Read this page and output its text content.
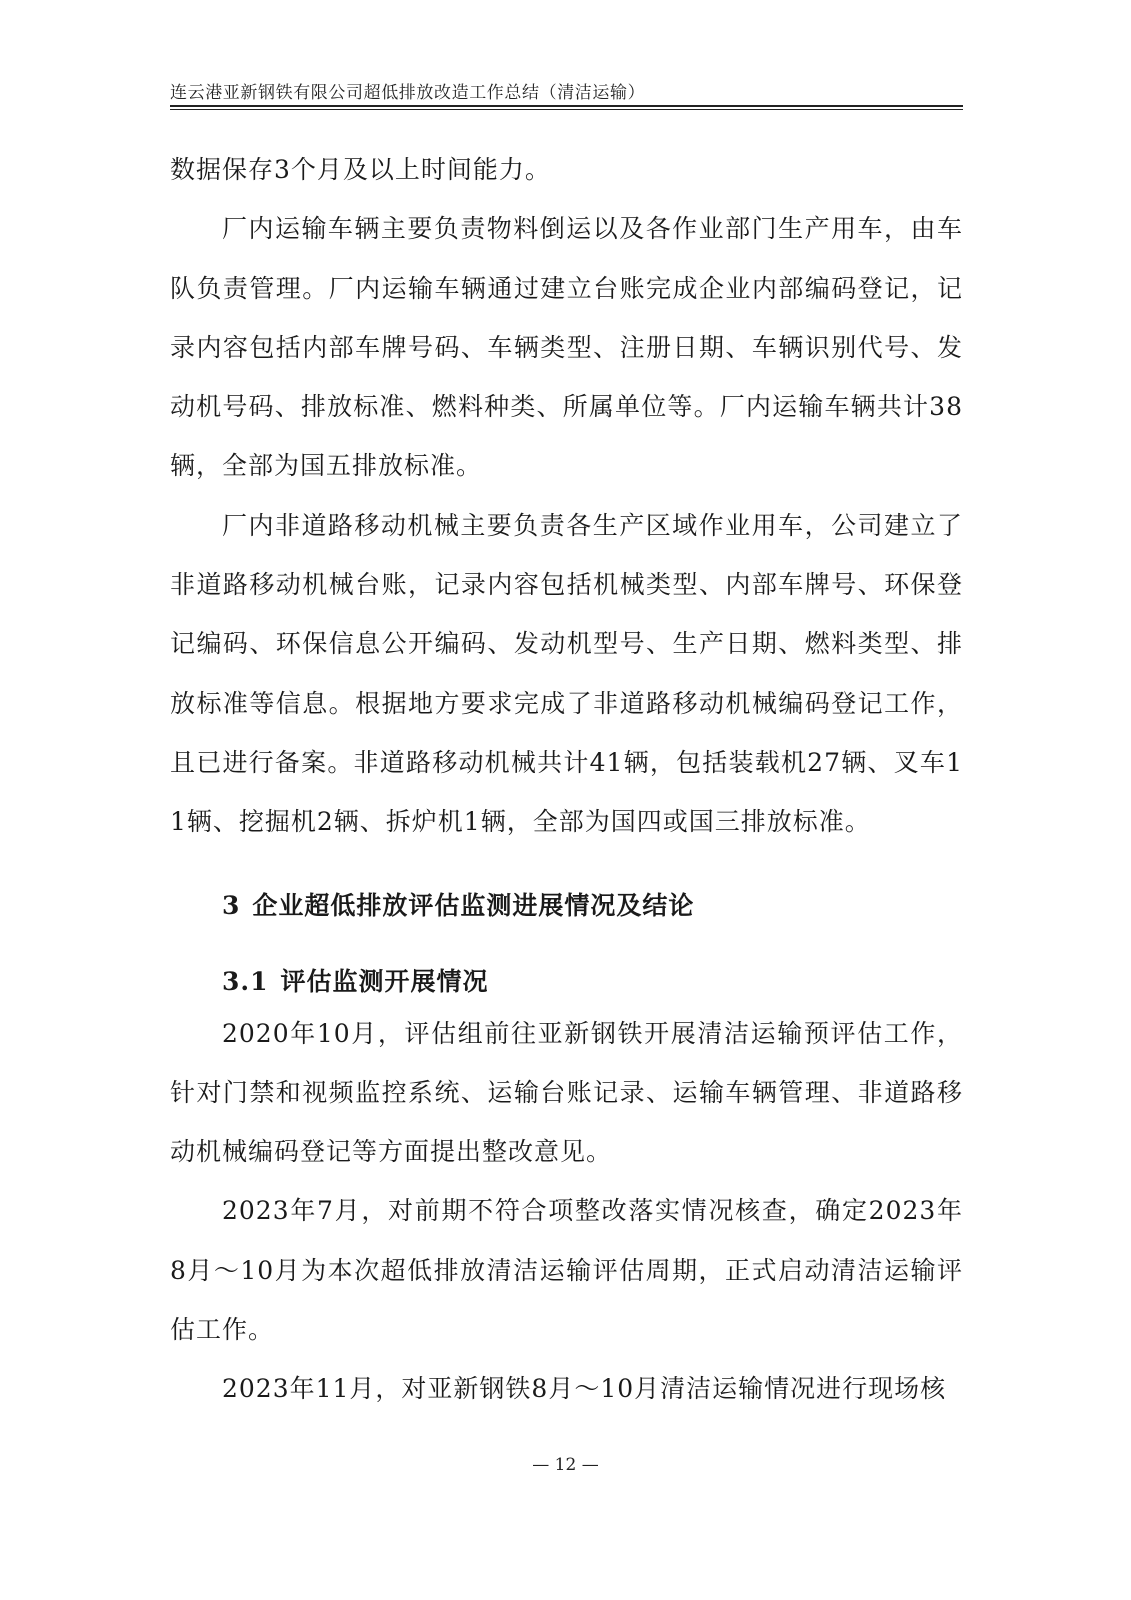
连云港亚新钢铁有限公司超低排放改造工作总结（清洁运输）

数据保存3个月及以上时间能力。

厂内运输车辆主要负责物料倒运以及各作业部门生产用车，由车队负责管理。厂内运输车辆通过建立台账完成企业内部编码登记，记录内容包括内部车牌号码、车辆类型、注册日期、车辆识别代号、发动机号码、排放标准、燃料种类、所属单位等。厂内运输车辆共计38辆，全部为国五排放标准。

厂内非道路移动机械主要负责各生产区域作业用车，公司建立了非道路移动机械台账，记录内容包括机械类型、内部车牌号、环保登记编码、环保信息公开编码、发动机型号、生产日期、燃料类型、排放标准等信息。根据地方要求完成了非道路移动机械编码登记工作，且已进行备案。非道路移动机械共计41辆，包括装载机27辆、叉车11辆、挖掘机2辆、拆炉机1辆，全部为国四或国三排放标准。

3 企业超低排放评估监测进展情况及结论
3.1 评估监测开展情况

2020年10月，评估组前往亚新钢铁开展清洁运输预评估工作，针对门禁和视频监控系统、运输台账记录、运输车辆管理、非道路移动机械编码登记等方面提出整改意见。

2023年7月，对前期不符合项整改落实情况核查，确定2023年8月～10月为本次超低排放清洁运输评估周期，正式启动清洁运输评估工作。

2023年11月，对亚新钢铁8月～10月清洁运输情况进行现场核

— 12 —
